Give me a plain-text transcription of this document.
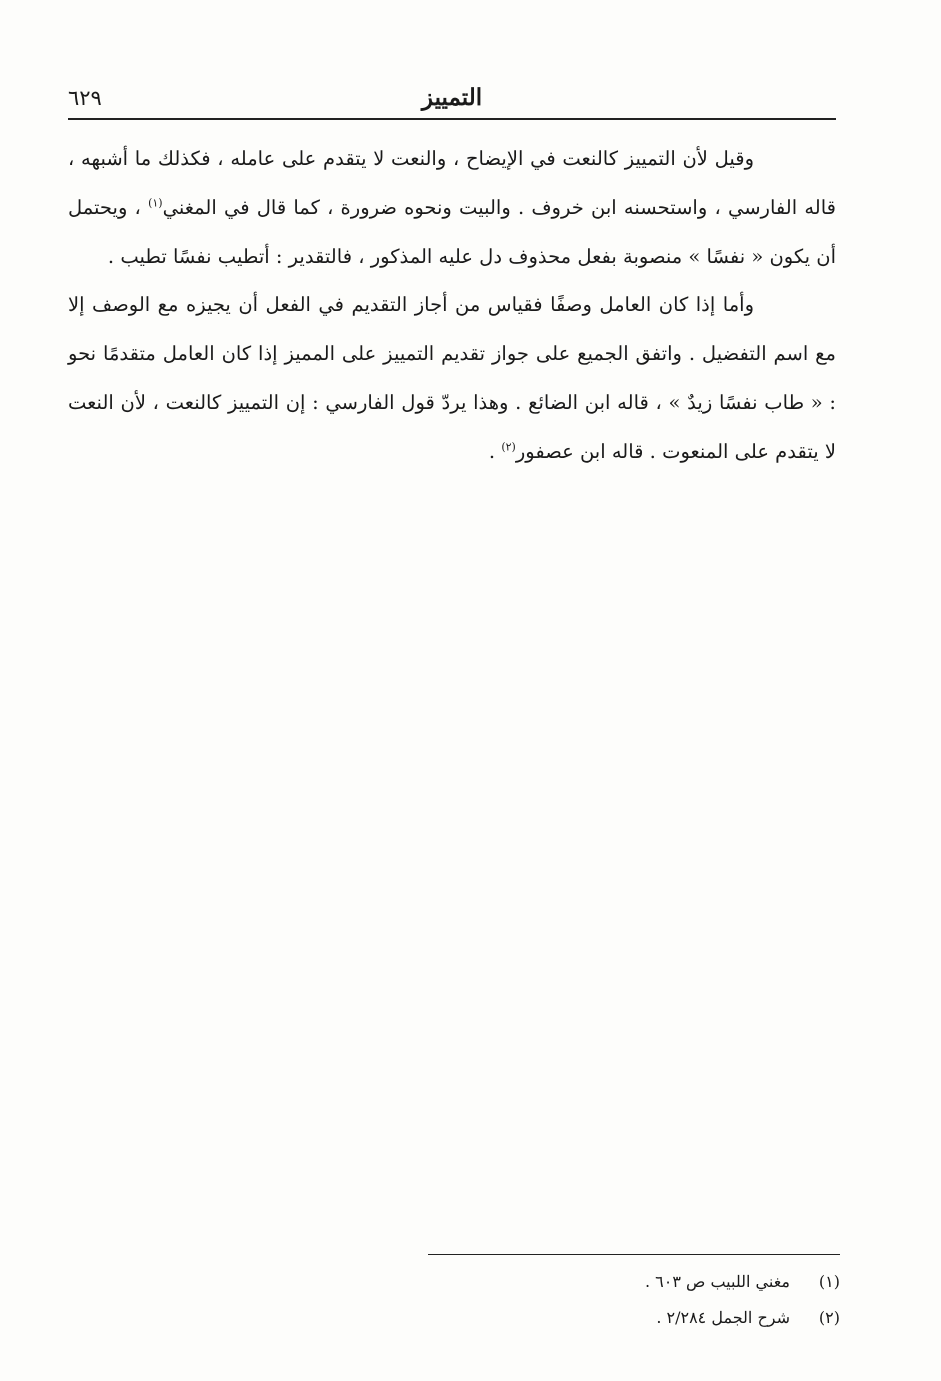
التمييز
٦٢٩

وقيل لأن التمييز كالنعت في الإيضاح ، والنعت لا يتقدم على عامله ، فكذلك ما أشبهه ، قاله الفارسي ، واستحسنه ابن خروف . والبيت ونحوه ضرورة ، كما قال في المغني$^{(١)}$ ، ويحتمل أن يكون « نفسًا » منصوبة بفعل محذوف دل عليه المذكور ، فالتقدير : أتطيب نفسًا تطيب .

وأما إذا كان العامل وصفًا فقياس من أجاز التقديم في الفعل أن يجيزه مع الوصف إلا مع اسم التفضيل . واتفق الجميع على جواز تقديم التمييز على المميز إذا كان العامل متقدمًا نحو : « طاب نفسًا زيدٌ » ، قاله ابن الضائع . وهذا يردّ قول الفارسي : إن التمييز كالنعت ، لأن النعت لا يتقدم على المنعوت . قاله ابن عصفور$^{(٢)}$ .

(١)مغني اللبيب ص ٦٠٣ .
(٢)شرح الجمل ٢/٢٨٤ .
